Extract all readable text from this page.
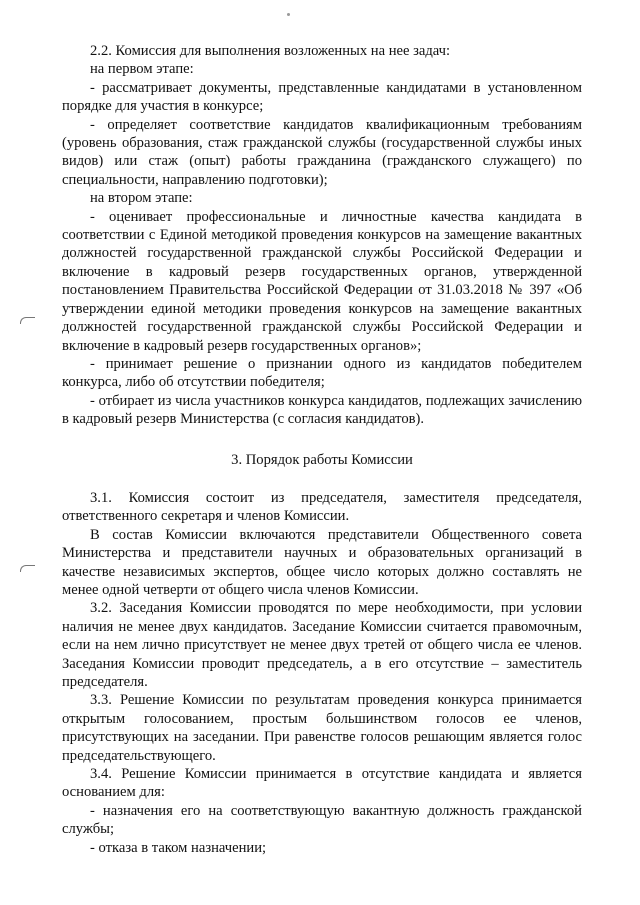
2.2. Комиссия для выполнения возложенных на нее задач:

на первом этапе:

- рассматривает документы, представленные кандидатами в установленном порядке для участия в конкурсе;

- определяет соответствие кандидатов квалификационным требованиям (уровень образования, стаж гражданской службы (государственной службы иных видов) или стаж (опыт) работы гражданина (гражданского служащего) по специальности, направлению подготовки);

на втором этапе:

- оценивает профессиональные и личностные качества кандидата в соответствии с Единой методикой проведения конкурсов на замещение вакантных должностей государственной гражданской службы Российской Федерации и включение в кадровый резерв государственных органов, утвержденной постановлением Правительства Российской Федерации от 31.03.2018 № 397 «Об утверждении единой методики проведения конкурсов на замещение вакантных должностей государственной гражданской службы Российской Федерации и включение в кадровый резерв государственных органов»;

- принимает решение о признании одного из кандидатов победителем конкурса, либо об отсутствии победителя;

- отбирает из числа участников конкурса кандидатов, подлежащих зачислению в кадровый резерв Министерства (с согласия кандидатов).

3. Порядок работы Комиссии

3.1. Комиссия состоит из председателя, заместителя председателя, ответственного секретаря и членов Комиссии.

В состав Комиссии включаются представители Общественного совета Министерства и представители научных и образовательных организаций в качестве независимых экспертов, общее число которых должно составлять не менее одной четверти от общего числа членов Комиссии.

3.2. Заседания Комиссии проводятся по мере необходимости, при условии наличия не менее двух кандидатов. Заседание Комиссии считается правомочным, если на нем лично присутствует не менее двух третей от общего числа ее членов. Заседания Комиссии проводит председатель, а в его отсутствие – заместитель председателя.

3.3. Решение Комиссии по результатам проведения конкурса принимается открытым голосованием, простым большинством голосов ее членов, присутствующих на заседании. При равенстве голосов решающим является голос председательствующего.

3.4. Решение Комиссии принимается в отсутствие кандидата и является основанием для:

- назначения его на соответствующую вакантную должность гражданской службы;

- отказа в таком назначении;
